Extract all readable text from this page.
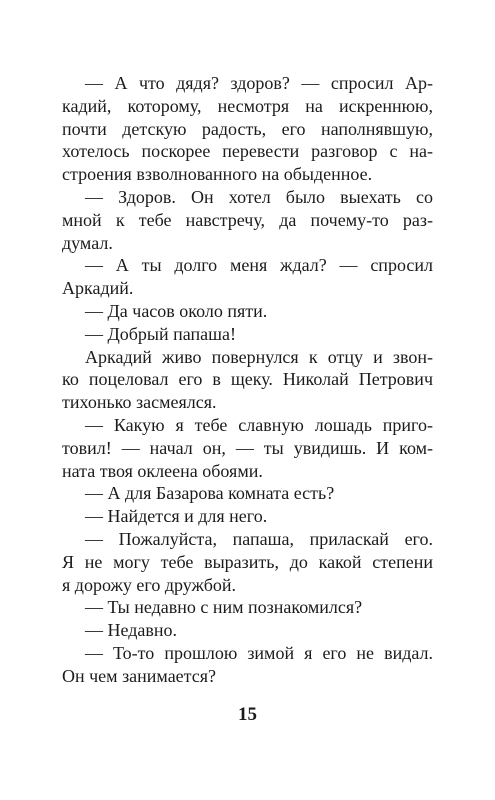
— А что дядя? здоров? — спросил Ар-
кадий, которому, несмотря на искреннюю,
почти детскую радость, его наполнявшую,
хотелось поскорее перевести разговор с на-
строения взволнованного на обыденное.
— Здоров. Он хотел было выехать со
мной к тебе навстречу, да почему-то раз-
думал.
— А ты долго меня ждал? — спросил
Аркадий.
— Да часов около пяти.
— Добрый папаша!
Аркадий живо повернулся к отцу и звон-
ко поцеловал его в щеку. Николай Петрович
тихонько засмеялся.
— Какую я тебе славную лошадь приго-
товил! — начал он, — ты увидишь. И ком-
ната твоя оклеена обоями.
— А для Базарова комната есть?
— Найдется и для него.
— Пожалуйста, папаша, приласкай его.
Я не могу тебе выразить, до какой степени
я дорожу его дружбой.
— Ты недавно с ним познакомился?
— Недавно.
— То-то прошлою зимой я его не видал.
Он чем занимается?
15
